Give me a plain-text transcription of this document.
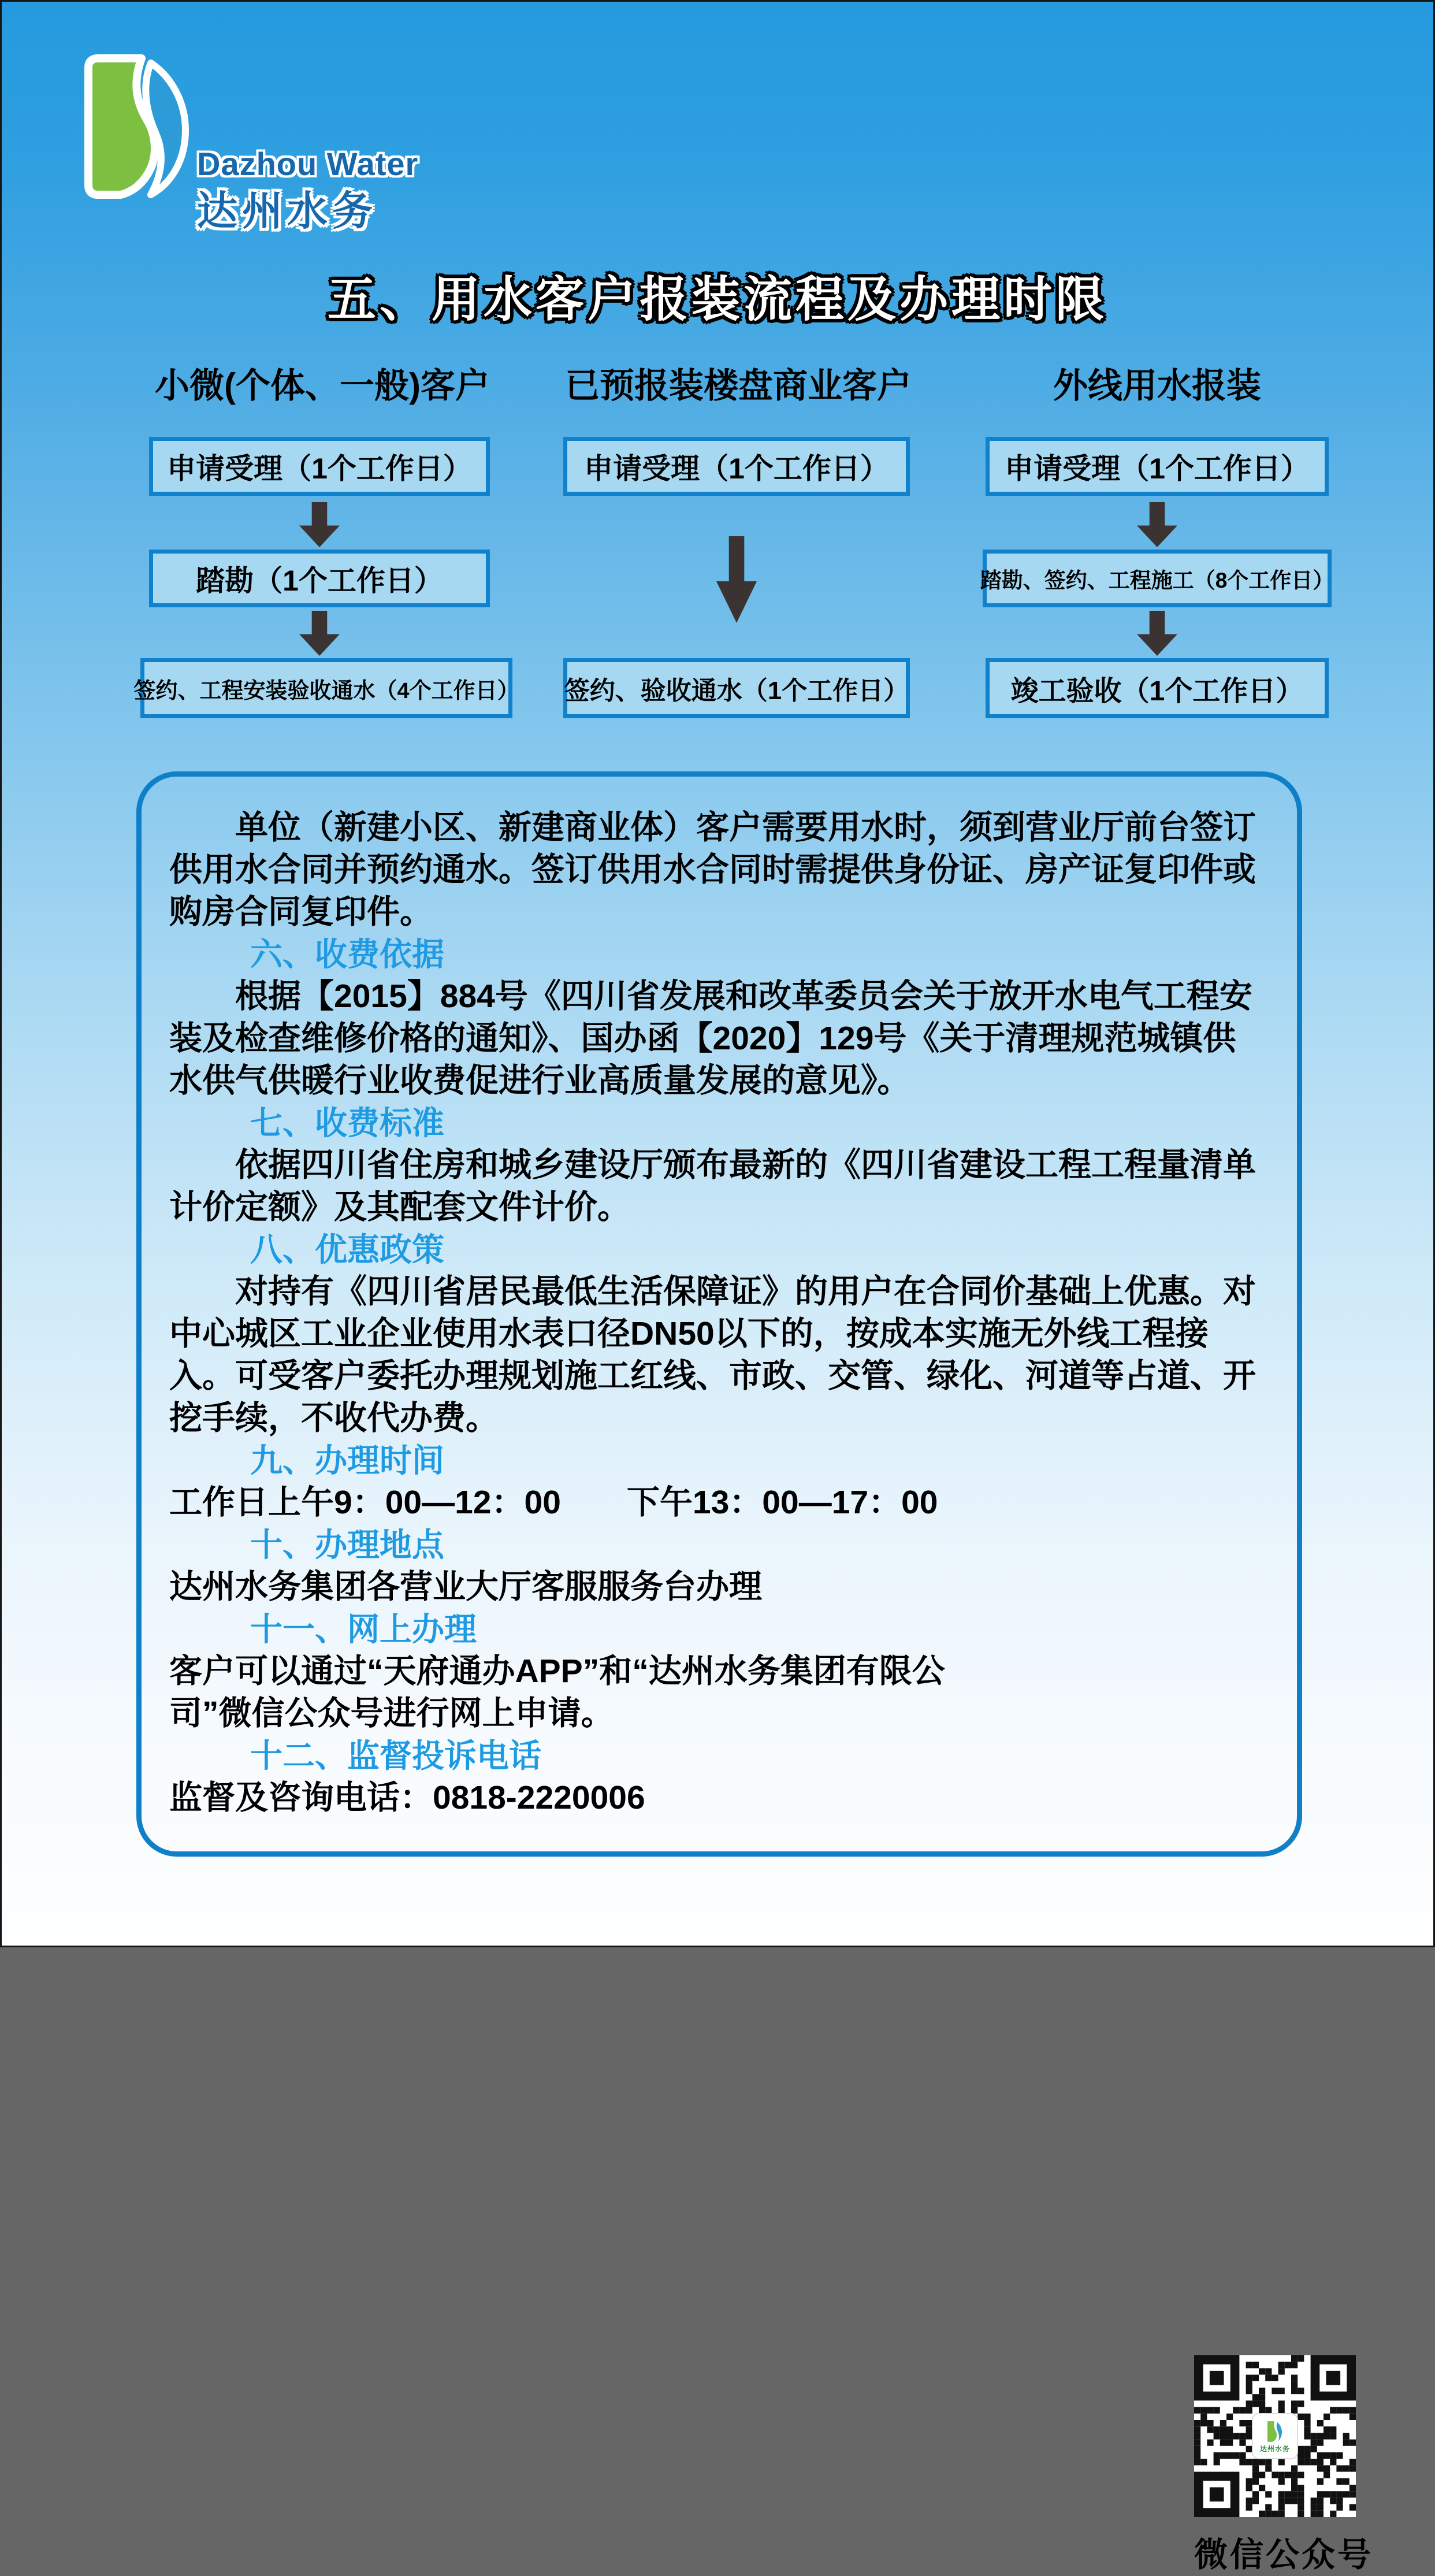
Dazhou Water
达州水务
五、用水客户报装流程及办理时限
小微(个体、一般)客户	已预报装楼盘商业客户	外线用水报装
申请受理（1个工作日）
踏勘（1个工作日）
签约、工程安装验收通水（4个工作日）
申请受理（1个工作日）
签约、验收通水（1个工作日）
申请受理（1个工作日）
踏勘、签约、工程施工（8个工作日）
竣工验收（1个工作日）

单位（新建小区、新建商业体）客户需要用水时，须到营业厅前台签订供用水合同并预约通水。签订供用水合同时需提供身份证、房产证复印件或购房合同复印件。

六、收费依据

根据【2015】884号《四川省发展和改革委员会关于放开水电气工程安装及检查维修价格的通知》、国办函【2020】129号《关于清理规范城镇供水供气供暖行业收费促进行业高质量发展的意见》。

七、收费标准

依据四川省住房和城乡建设厅颁布最新的《四川省建设工程工程量清单计价定额》及其配套文件计价。

八、优惠政策

对持有《四川省居民最低生活保障证》的用户在合同价基础上优惠。对中心城区工业企业使用水表口径DN50以下的，按成本实施无外线工程接入。可受客户委托办理规划施工红线、市政、交管、绿化、河道等占道、开挖手续，不收代办费。

九、办理时间

工作日上午9：00—12：00　　下午13：00—17：00

十、办理地点

达州水务集团各营业大厅客服服务台办理

十一、网上办理

客户可以通过“天府通办APP”和“达州水务集团有限公司”微信公众号进行网上申请。

十二、监督投诉电话

监督及咨询电话：0818-2220006

达州水务
微信公众号
